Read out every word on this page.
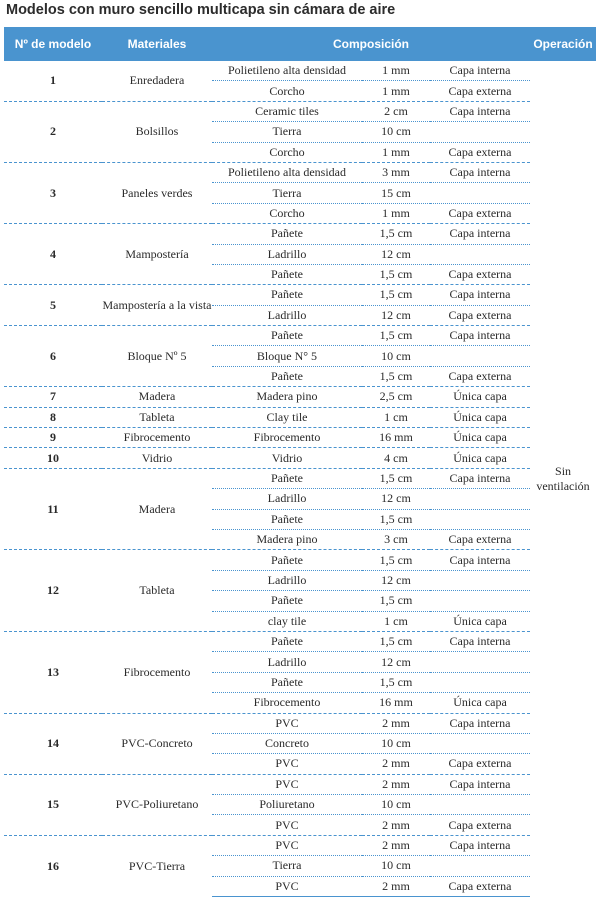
Modelos con muro sencillo multicapa sin cámara de aire
Nº de modelo	Materiales	Composición			Operación
1	Enredadera	Polietileno alta densidad	1 mm	Capa interna	Sin ventilación
		Corcho	1 mm	Capa externa	
2	Bolsillos	Ceramic tiles	2 cm	Capa interna	
		Tierra	10 cm		
		Corcho	1 mm	Capa externa	
3	Paneles verdes	Polietileno alta densidad	3 mm	Capa interna	
		Tierra	15 cm		
		Corcho	1 mm	Capa externa	
4	Mampostería	Pañete	1,5 cm	Capa interna	
		Ladrillo	12 cm		
		Pañete	1,5 cm	Capa externa	
5	Mampostería a la vista	Pañete	1,5 cm	Capa interna	
		Ladrillo	12 cm	Capa externa	
6	Bloque Nº 5	Pañete	1,5 cm	Capa interna	
		Bloque N° 5	10 cm		
		Pañete	1,5 cm	Capa externa	
7	Madera	Madera pino	2,5 cm	Única capa	
8	Tableta	Clay tile	1 cm	Única capa	
9	Fibrocemento	Fibrocemento	16 mm	Única capa	
10	Vidrio	Vidrio	4 cm	Única capa	
11	Madera	Pañete	1,5 cm	Capa interna	
		Ladrillo	12 cm		
		Pañete	1,5 cm		
		Madera pino	3 cm	Capa externa	
12	Tableta	Pañete	1,5 cm	Capa interna	
		Ladrillo	12 cm		
		Pañete	1,5 cm		
		clay tile	1 cm	Única capa	
13	Fibrocemento	Pañete	1,5 cm	Capa interna	
		Ladrillo	12 cm		
		Pañete	1,5 cm		
		Fibrocemento	16 mm	Única capa	
14	PVC-Concreto	PVC	2 mm	Capa interna	
		Concreto	10 cm		
		PVC	2 mm	Capa externa	
15	PVC-Poliuretano	PVC	2 mm	Capa interna	
		Poliuretano	10 cm		
		PVC	2 mm	Capa externa	
16	PVC-Tierra	PVC	2 mm	Capa interna	
		Tierra	10 cm		
		PVC	2 mm	Capa externa	
